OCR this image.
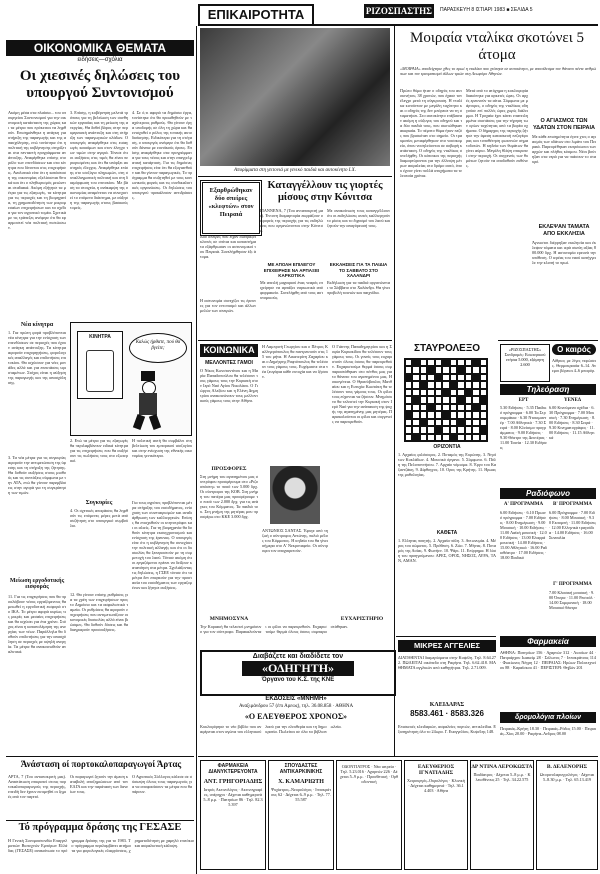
ΕΠΙΚΑΙΡΟΤΗΤΑ	ΡΙΖΟΣΠΑΣΤΗΣ	ΠΑΡΑΣΚΕΥΗ 8 ΙΣΤΙΑΡΙ 1983 ■ ΣΕΛΙΔΑ 5
ΟΙΚΟΝΟΜΙΚΑ ΘΕΜΑΤΑ
ειδήσεις—σχόλια
Οι χιεσινές δηλώσεις του υπουργού Συντονισμού
Ακόμη μέσα στα πλαίσια... του υπουργείου Συντονισμού για την οικονομική κατάσταση της χώρας και τα μέτρα που πρόκειται να ληφθούν. Επισημάνθηκε η ανάγκη για στήριξη της παραγωγής και της απασχόλησης, ενώ τονίστηκε ότι η πολιτική της κυβέρνησης στηρίζεται στα πενταετή προγράμματα ανάπτυξης. Αναφέρθηκε επίσης στο ρόλο των επενδύσεων και στα κίνητρα που δίνονται στις επιχειρήσεις. Αναλυτικά είπε ότι η κατάσταση της οικονομίας εξελίσσεται θετικά και ότι ο πληθωρισμός μειώνεται σταδιακά. Ακόμη εξήγησε τα μέτρα για τις εξαγωγές, τα κίνητρα για τις περιοχές και τη βιομηχανία, τη χρηματοδότηση των μικρομεσαίων επιχειρήσεων και τα σχέδια για τον αγροτικό τομέα. Σχετικά με τις τράπεζες ανέφερε ότι θα εφαρμοστεί νέα πολιτική πιστώσεων.
3. Επίσης, η κυβέρνηση μελετά τρόπους για τη βελτίωση των συνθηκών εργασίας και τη μείωση της ανεργίας. Θα δοθεί βάρος στην περιφερειακή ανάπτυξη και στη στήριξη των παραγωγικών κλάδων. Ο υπουργός αναφέρθηκε στις εισαγωγές καυσίμων και στον έλεγχο των τιμών στην αγορά. Τόνισε ότι οι αυξήσεις στις τιμές θα είναι περιορισμένες και ότι θα υπάρξει αυστηρός έλεγχος. Αναφέρθηκε επίσης στο ισοζύγιο πληρωμών, στη συναλλαγματική πολιτική και στη διαμόρφωση του επιτοκίου. Με βάση τα στοιχεία, η ανάκαμψη της οικονομίας αναμένεται να συνεχιστεί το επόμενο διάστημα, με αύξηση της παραγωγής στους βασικούς τομείς.
4. Σε ό,τι αφορά τα δημόσια έργα, τονίστηκε ότι θα προωθηθούν με ταχύτερους ρυθμούς. Θα γίνουν έργα υποδομής σε όλη τη χώρα και θα ενισχυθεί ο ρόλος της τοπικής αυτοδιοίκησης. Ειδικότερα για τη στέγαση, ο υπουργός ανέφερε ότι θα δοθούν δάνεια με ευνοϊκούς όρους. Επίσης αναφέρθηκε στα προγράμματα για τους νέους και στην επαγγελματική κατάρτιση. Για τις δημόσιες επιχειρήσεις είπε ότι θα εξυγιανθούν και θα γίνουν παραγωγικές. Το πρόγραμμα θα συζητηθεί με τους κοινωνικούς φορείς και τις συνδικαλιστικές οργανώσεις. Οι δηλώσεις του υπουργού προκάλεσαν αντιδράσεις.
Νέα κίνητρα
1. Για πρώτη φορά προβλέπονται νέα κίνητρα για την ενίσχυση των επενδύσεων σε περιοχές που έχουν ανάγκη ανάπτυξης. Τα κίνητρα αφορούν επιχορηγήσεις, φορολογικές απαλλαγές και επιδοτήσεις επιτοκίου. Θα ισχύσουν για νέες μονάδες αλλά και για επεκτάσεις υφισταμένων. Στόχος είναι η αύξηση της παραγωγής και της απασχόλησης.
ΚΙΝΗΤΡΑ
Καλώς ήρθατε, πού θα βγείτε;
2. Ενώ τα μέτρα για τις εξαγωγές θα περιλαμβάνουν ειδικά κίνητρα για τις επιχειρήσεις που θα αυξήσουν τις πωλήσεις τους στο εξωτερικό.
Η πολιτική αυτή θα συμβάλει στη βελτίωση του εμπορικού ισοζυγίου και στην ενίσχυση της εθνικής οικονομίας γενικότερα.
Συγκυρίες
3. Τα νέα μέτρα για τις συγκυρίες αφορούν την αντιμετώπιση της ύφεσης και τη στήριξη της ζήτησης. Θα δοθούν αυξήσεις στους μισθούς και τις συντάξεις σύμφωνα με την ΑΤΑ, ενώ θα γίνουν παρεμβάσεις στην αγορά για τη συγκράτηση των τιμών.
4. Οι σχετικές αποφάσεις θα ληφθούν τις επόμενες μέρες μετά από συζήτηση στο υπουργικό συμβούλιο.
Για τους αγρότες προβλέπονται μέτρα στήριξης του εισοδήματος, ενίσχυση των συνεταιρισμών και αναδιάρθρωση των καλλιεργειών. Επίσης θα ενισχυθούν οι κτηνοτρόφοι και οι αλιείς. Για τη βιομηχανία θα δοθούν κίνητρα εκσυγχρονισμού και ενίσχυση της έρευνας. Ο υπουργός είπε ότι η κυβέρνηση θα συνεχίσει την πολιτική αλλαγής και ότι οι δυσκολίες θα ξεπεραστούν με τη συμμετοχή του λαού. Τόνισε ακόμη ότι οι εργαζόμενοι πρέπει να δείξουν κατανόηση στα μέτρα. Σχολιάζοντας τις δηλώσεις, η ΓΣΕΕ τόνισε ότι τα μέτρα δεν επαρκούν για την προστασία του εισοδήματος των εργαζομένων και ζήτησε αυξήσεις.
Μείωση εργοδοτικής εισφοράς
11. Για τις επιχειρήσεις που θα προσλάβουν νέους εργαζόμενους θα μειωθεί η εργοδοτική εισφορά στο ΙΚΑ. Το μέτρο αφορά κυρίως τις μικρές και μεσαίες επιχειρήσεις και θα ισχύσει για ένα χρόνο. Στόχος είναι η καταπολέμηση της ανεργίας των νέων. Παράλληλα θα δοθούν επιδοτήσεις για την απασχόληση σε περιοχές με υψηλή ανεργία. Τα μέτρα θα ανακοινωθούν αναλυτικά.
12. Θα γίνουν επίσης ρυθμίσεις για τα χρέη των επιχειρήσεων προς το Δημόσιο και τα ασφαλιστικά ταμεία. Οι ρυθμίσεις θα αφορούν επιχειρήσεις που αντιμετωπίζουν οικονομικές δυσκολίες αλλά είναι βιώσιμες. Θα δοθούν δόσεις και θα διαγραφούν προσαυξήσεις.
Άνάσταση οί πορτοκαλοπαραγωγοί Άρτας
ΑΡΤΑ, 7 (Του ανταποκριτή μας). Αναστάτωση επικρατεί στους πορτοκαλοπαραγωγούς της περιοχής, επειδή δεν έχουν εκτιμηθεί οι ζημιές από τον παγετό.
Οι παραγωγοί ζητούν την άμεση καταβολή αποζημιώσεων από τον ΕΛΓΑ και την παράταση των δανείων τους.
Ο Αγροτικός Σύλλογος κάλεσε σε σύσκεψη όλους τους παραγωγούς για να αποφασίσουν τα μέτρα που θα πάρουν.
Τό πρόγραμμα δράσης της ΓΕΣΑΣΕ
Η Γενική Συνομοσπονδία Επαγγελματιών Βιοτεχνών Εμπόρων Ελλάδας (ΓΕΣΑΣΕ) ανακοίνωσε το πρόγραμμα δράσης της για το 1983. Το πρόγραμμα περιλαμβάνει αιτήματα για φορολογικές ελαφρύνσεις, χρηματοδότηση με χαμηλό επιτόκιο και ασφαλιστική κάλυψη.
Απορίμματα στη γειτονιά με γενικό παιδιά και αυτοκίνητο Ι.Χ.
Εξαρθρώθηκαν δύο σπείρες «κλεφτών» στον Πειραιά
Δύο σπείρες που είχαν διαπράξει κλοπές σε σπίτια και καταστήματα εξάρθρωσαν οι αστυνομικοί του Πειραιά. Συνελήφθησαν έξι άτομα.
Καταγγέλλουν τις γιορτές μίσους στην Κόνιτσα
ΓΙΑΝΝΕΝΑ, 7 (Του ανταποκριτή μας). Έντονη διαμαρτυρία εκφράζουν οι φορείς της περιοχής για τις εκδηλώσεις που οργανώνονται στην Κόνιτσα.
Με ανακοίνωση τους καταγγέλλουν ότι οι εκδηλώσεις αυτές καλλιεργούν το μίσος και το διχασμό του λαού και ζητούν την απαγόρευσή τους.
ΜΕ ΑΠΟΛΗ ΕΠΙΛΕΓΟΥ ΕΠΙΧΕΙΡΗΣΕ ΝΑ ΑΡΠΑΞΕΙ ΚΑΡΚΟΤΙΚΑ
ΕΚΚΛΗΣΕΙΣ ΓΙΑ ΤΑ ΠΑΙΔΙΑ ΤΟ ΣΑΒΒΑΤΟ ΣΤΟ ΧΑΛΑΝΔΡΙ
Με απειλή μαχαιριού ένας νεαρός επιχείρησε να αρπάξει ναρκωτικά από φαρμακείο. Συνελήφθη από τους αστυνομικούς.
Εκδήλωση για τα παιδιά οργανώνεται το Σάββατο στο Χαλάνδρι. Θα γίνει προβολή ταινιών και παιχνίδια.
Η αστυνομία συνεχίζει τις έρευνες για τον εντοπισμό και άλλων μελών των σπειρών.
ΚΟΙΝΩΝΙΚΑ
ΜΕΛΛΟΝΤΕΣ ΓΑΜΟΙ
Ο Νίκος Κωνσταντίνου και η Μαρία Παπαδοπούλου θα τελέσουν τους γάμους τους την Κυριακή στον Ιερό Ναό Αγίου Νικολάου. Ο Γιώργος Αλεξίου και η Ελένη Δημητρίου ανακοινώνουν τους μελλοντικούς γάμους τους στην Αθήνα.
ΠΡΟΣΦΟΡΕΣ
Στη μνήμη του αγαπημένου μας συντρόφου προσφέρουμε στο «Ριζοσπάστη» το ποσό των 5.000 δρχ. Οι σύντροφοι της ΚΟΒ. Στη μνήμη του πατέρα μας προσφέρουμε το ποσό των 2.000 δρχ. για τις ανάγκες του Κόμματος. Τα παιδιά του. Στη μνήμη της μητέρας μου προσφέρω στο ΚΚΕ 3.000 δρχ.
Η Λαμπρινή Γεωργίου και ο Πέτρος Καλλιγερόπουλος θα παντρευτούν στις 15 του μήνα. Η Αικατερίνη Ζαχαρίου και ο Δημήτρης Ραφτόπουλος θα τελέσουν τους γάμους τους. Ευχόμαστε στα νέα ζευγάρια κάθε ευτυχία και να ζήσουν.
ΑΝΤΩΝΙΟΣ ΣΑΝΤΑΣ. Έφυγε από τη ζωή ο σύντροφος Αντώνης, παλιό μέλος του Κόμματος. Η κηδεία του θα γίνει σήμερα στο Α' Νεκροταφείο. Οι σύντροφοι τον αποχαιρετούν.
Ο Γιάννης Παπαδημητρίου και η Σοφία Κυριακίδου θα τελέσουν τους γάμους τους. Οι γονείς τους ευχαριστούν όλους όσους θα παρευρεθούν. Ευχαριστούμε θερμά όσους συμπαραστάθηκαν στο πένθος μας για το θάνατο του αγαπημένου μας. Η οικογένεια. Ο Θρασύβουλος Ματθαίου και η Ευτυχία Κωστάκη θα τελέσουν τους γάμους τους. Οι φίλοι τους εύχονται να ζήσουν. Μνημόσυνο θα τελεστεί την Κυριακή στον Ιερό Ναό για την ανάπαυση της ψυχής της αγαπημένης μας μητέρας. Παρακαλούνται οι φίλοι και συγγενείς να παρευρεθούν.
ΜΝΗΜΟΣΥΝΑ	ΕΥΧΑΡΙΣΤΗΡΙΟ
Την Κυριακή θα τελεστεί μνημόσυνο για τον σύντροφο. Παρακαλούνται οι φίλοι να παρευρεθούν. Ευχαριστούμε θερμά όλους όσους συμπαραστάθηκαν.
Διαβάζετε και διαδίδετε τον
«ΟΔΗΓΗΤΗ»
Όργανο του Κ.Σ. της ΚΝΕ
ΕΚΔΟΣΕΙΣ «ΜΝΗΜΗ»
Αναξιμάνδρου 57 (έπι Αρεως), τηλ. 36.08.858 · ΑΘΗΝΑ
«Ο ΕΛΕΥΘΕΡΟΣ ΧΡΟΝΟΣ»
Κυκλοφόρησε το νέο βιβλίο που αναφέρεται στον αγώνα του ελληνικού λαού για την ελευθερία και τη δημοκρατία. Πωλείται σε όλα τα βιβλιοπωλεία.
ΣΤΑΥΡΟΛΕΞΟ
ΟΡΙΖΟΝΤΙΑ
1. Αρχαίος φιλόσοφος. 2. Ποταμός της Ευρώπης. 3. Νησί των Κυκλάδων. 4. Μουσικό όργανο. 5. Σύμφωνο. 6. Πόλη της Πελοποννήσου. 7. Αρχαίο νόμισμα. 8. Έργο του Καζαντζάκη. 9. Δίφθογγος. 10. Ορος της Κρήτης. 11. Ηρωας της μυθολογίας.
ΚΑΘΕΤΑ
1. Ελληνας ποιητής. 2. Αρχαία πόλη. 3. Αντωνυμία. 4. Μέρος του σώματος. 5. Πρόθεση. 6. Ζώο. 7. Μήνας. 8. Ποταμός της Ασίας. 9. Φωνήεν. 10. Ψάρι. 11. Επίρρημα. Η λύση του προηγούμενου: ΑΡΕΣ, ΟΡΟΣ, ΝΗΣΟΣ, ΛΥΡΑ, ΤΑΝ, ΑΜΑΝ.
ΜΙΚΡΕΣ ΑΓΓΕΛΙΕΣ
ΔΙΑΤΙΘΕΝΤΑΙ διαμερίσματα στην Κυψέλη. Τηλ. 8.64.272. ΠΩΛΕΙΤΑΙ οικόπεδο στη Ραφήνα. Τηλ. 6.62.418. ΜΑΘΗΜΑΤΑ αγγλικών από καθηγήτρια. Τηλ. 2.71.009.
ΚΛΕΙΔΑΡΑΣ
8583.461 · 8583.326
Επισκευές κλειδαριών, ασφαλείες πορτών, αντικλείδια. Εξυπηρέτηση όλο το 24ωρο. Γ. Ευαγγελίου, Κυψέλης 148.
Μοιραία νταλίκα σκοτώνει 5 άτομα
«ΜΟΙΡΑΙΑ» αποδείχτηκε χθες το πρωί η νταλίκα που χτύπησε σε αυτοκίνητο, με αποτέλεσμα τον θάνατο πέντε ανθρώπων και τον τραυματισμό άλλων τριών στη Λεωφόρο Αθηνών.
Πρώτο θύμα ήταν ο οδηγός του αυτοκινήτου, 38 χρονών, που έχασε τον έλεγχο μετά τη σύγκρουση. Η νταλίκα κινούνταν με μεγάλη ταχύτητα και ο οδηγός της δεν μπόρεσε να τη σταματήσει. Στο αυτοκίνητο επέβαιναν ακόμη η σύζυγος του οδηγού και τα δύο παιδιά τους, που σκοτώθηκαν ακαριαία. Το πέμπτο θύμα ήταν πεζός που βρισκόταν στο σημείο. Οι τραυματίες μεταφέρθηκαν στο νοσοκομείο, όπου νοσηλεύονται σε σοβαρή κατάσταση. Ο οδηγός της νταλίκας συνελήφθη. Οι κάτοικοι της περιοχής διαμαρτύρονται για την έλλειψη μέτρων ασφαλείας στο δρόμο αυτό, όπου έχουν γίνει πολλά ατυχήματα τα τελευταία χρόνια.
Μετά από το ατύχημα η κυκλοφορία διακόπηκε για αρκετές ώρες. Οι αρχές ερευνούν τα αίτια. Σύμφωνα με μάρτυρες, ο οδηγός της νταλίκας οδηγούσε επί πολλές ώρες χωρίς διάλειμμα. Η Τροχαία έχει κάνει επανειλημμένα συστάσεις για την τήρηση των ορίων ταχύτητας από τα βαρέα οχήματα. Ο δήμαρχος της περιοχής ζήτησε την άμεση κατασκευή πεζογέφυρας και τοποθέτηση φωτεινών σηματοδοτών. Η κηδεία των θυμάτων θα γίνει αύριο. Μεγάλη θλίψη επικρατεί στην περιοχή. Οι συγγενείς των θυμάτων ζητούν να αποδοθούν ευθύνες.
Ο ΑΓΙΑΣΜΟΣ ΤΩΝ ΥΔΑΤΩΝ ΣΤΟΝ ΠΕΙΡΑΙΑ
Με κάθε επισημότητα έγινε χτες ο αγιασμός των υδάτων στο λιμάνι του Πειραιά. Παρευρέθηκαν εκπρόσωποι των αρχών και πλήθος κόσμου. Νέοι βούτηξαν στα νερά για να πιάσουν το σταυρό.
ΕΚΛΕΨΑΝ ΤΑΜΑΤΑ ΑΠΟ ΕΚΚΛΗΣΙΑ
Άγνωστοι διέρρηξαν εκκλησία και έκλεψαν τάματα και ιερά σκεύη αξίας 800.000 δρχ. Η αστυνομία ερευνά την υπόθεση. Ο ιερέας του ναού κατήγγειλε την κλοπή το πρωί.
«ΡΙΖΟΣΠΑΣΤΗΣ» Συνδρομές: Εσωτερικού ετήσια 5.000, εξάμηνη 2.600
Ο καιρός
Αίθριος με λίγες νεφώσεις. Θερμοκρασία 6–14. Ανεμοι βόρειοι 4–6 μποφόρ.
Τηλεόραση
ΕΡΤ	ΥΕΝΕΔ
5.30 Ειδήσεις · 5.35 Παιδικό πρόγραμμα · 6.00 Τα Στρουμφάκια · 6.30 Ντοκιμαντέρ · 7.00 Αθλητικά · 7.30 Σειρά · 8.00 Κλείσιμο προγράμματος · 9.00 Ειδήσεις · 9.30 Θέατρο της Δευτέρας · 11.00 Ταινία · 12.30 Ειδήσεις
6.00 Κινούμενα σχέδια · 6.30 Πρόγραμμα · 7.00 Μουσική · 7.30 Ενημέρωση · 8.00 Ειδήσεις · 8.30 Σειρά · 9.30 Κινηματογράφος · 11.00 Ειδήσεις · 11.15 Αθλητικά
Ραδιόφωνο
Α' ΠΡΟΓΡΑΜΜΑ	Β' ΠΡΟΓΡΑΜΜΑ
6.00 Ειδήσεις · 6.10 Πρωινό πρόγραμμα · 7.00 Ειδήσεις · 8.00 Ενημέρωση · 9.00 Μουσική · 10.00 Ειδήσεις · 11.00 Λαϊκή μουσική · 12.00 Ειδήσεις · 13.00 Ελαφρά μουσική · 14.00 Ειδήσεις · 15.00 Αθλητικά · 16.00 Ραδιοθέατρο · 17.00 Ειδήσεις · 18.00 Παιδικό
6.00 Πρόγραμμα · 7.00 Ειδήσεις · 8.00 Μουσική · 9.30 Εκπομπή · 11.00 Ειδήσεις · 12.00 Ελληνικά τραγούδια · 14.00 Ειδήσεις · 16.00 Συναυλία
Γ' ΠΡΟΓΡΑΜΜΑ
7.00 Κλασική μουσική · 9.00 Όπερα · 11.00 Ρεσιτάλ · 14.00 Συμφωνική · 18.00 Μουσικό θέατρο
Φαρμακεία
ΑΘΗΝΑ: Πατησίων 156 · Αχαρνών 312 · Λιοσίων 44 · Πατριάρχου Ιωακείμ 28 · Σόλωνος 7 · Ιπποκράτους 114 · Φωκίωνος Νέγρη 12 · ΠΕΙΡΑΙΑΣ: Ηρώων Πολυτεχνείου 88 · Καραΐσκου 41 · ΠΕΡΙΣΤΕΡΙ: Θηβών 201
δρομολόγια πλοίων
Πειραιάς–Κρήτη 18.30 · Πειραιάς–Ρόδος 15.00 · Πειραιάς–Χίος 20.00 · Ραφήνα–Ανδρος 08.00
ΦΑΡΜΑΚΕΙΑ ΔΙΑΝΥΚΤΕΡΕΥΟΝΤΑ
ΑΝΤ. ΓΡΗΓΟΡΙΑΔΗΣ
Ιατρός Ακτινολόγος · Ακτινογραφίες, υπέρηχοι · Δέχεται καθημερινά 5–8 μ.μ. · Πατησίων 86 · Τηλ. 82.35.397
ΣΠΟΥΔΑΣΤΕΣ ΑΝΤΙΚΑΡΚΙΝΙΚΗΣ
Χ. ΚΑΜΑΡΙΩΤΗ
Ψυχίατρος–Νευρολόγος · Ιπποκράτους 62 · Δέχεται 6–9 μ.μ. · Τηλ. 77.55.587
ΟΔΟΝΤΙΑΤΡΟΣ · Νέα ιατρεία · Τηλ. 5.23.016 · Αχαρνών 226 · Δέχεται 5–9 μ.μ. · Προσθετική · Ορθοδοντική
ΕΛΕΥΘΕΡΙΟΣ ΙΓΝΑΤΙΑΔΗΣ
Χειρουργός–Ουρολόγος · Κλινική · Δέχεται καθημερινά · Τηλ. 36.14.403 · Αθήνα
ΔΡ ΝΤΙΝΑ ΛΕΡΟΚΩΣΤΑ
Παιδίατρος · Δέχεται 5–8 μ.μ. · Κλεισθένους 25 · Τηλ. 34.22.575
Β. ΔΕΛΕΝΟΡΗΣ
Ωτορινολαρυγγολόγος · Δέχεται 5–8.30 μ.μ. · Τηλ. 65.13.419
